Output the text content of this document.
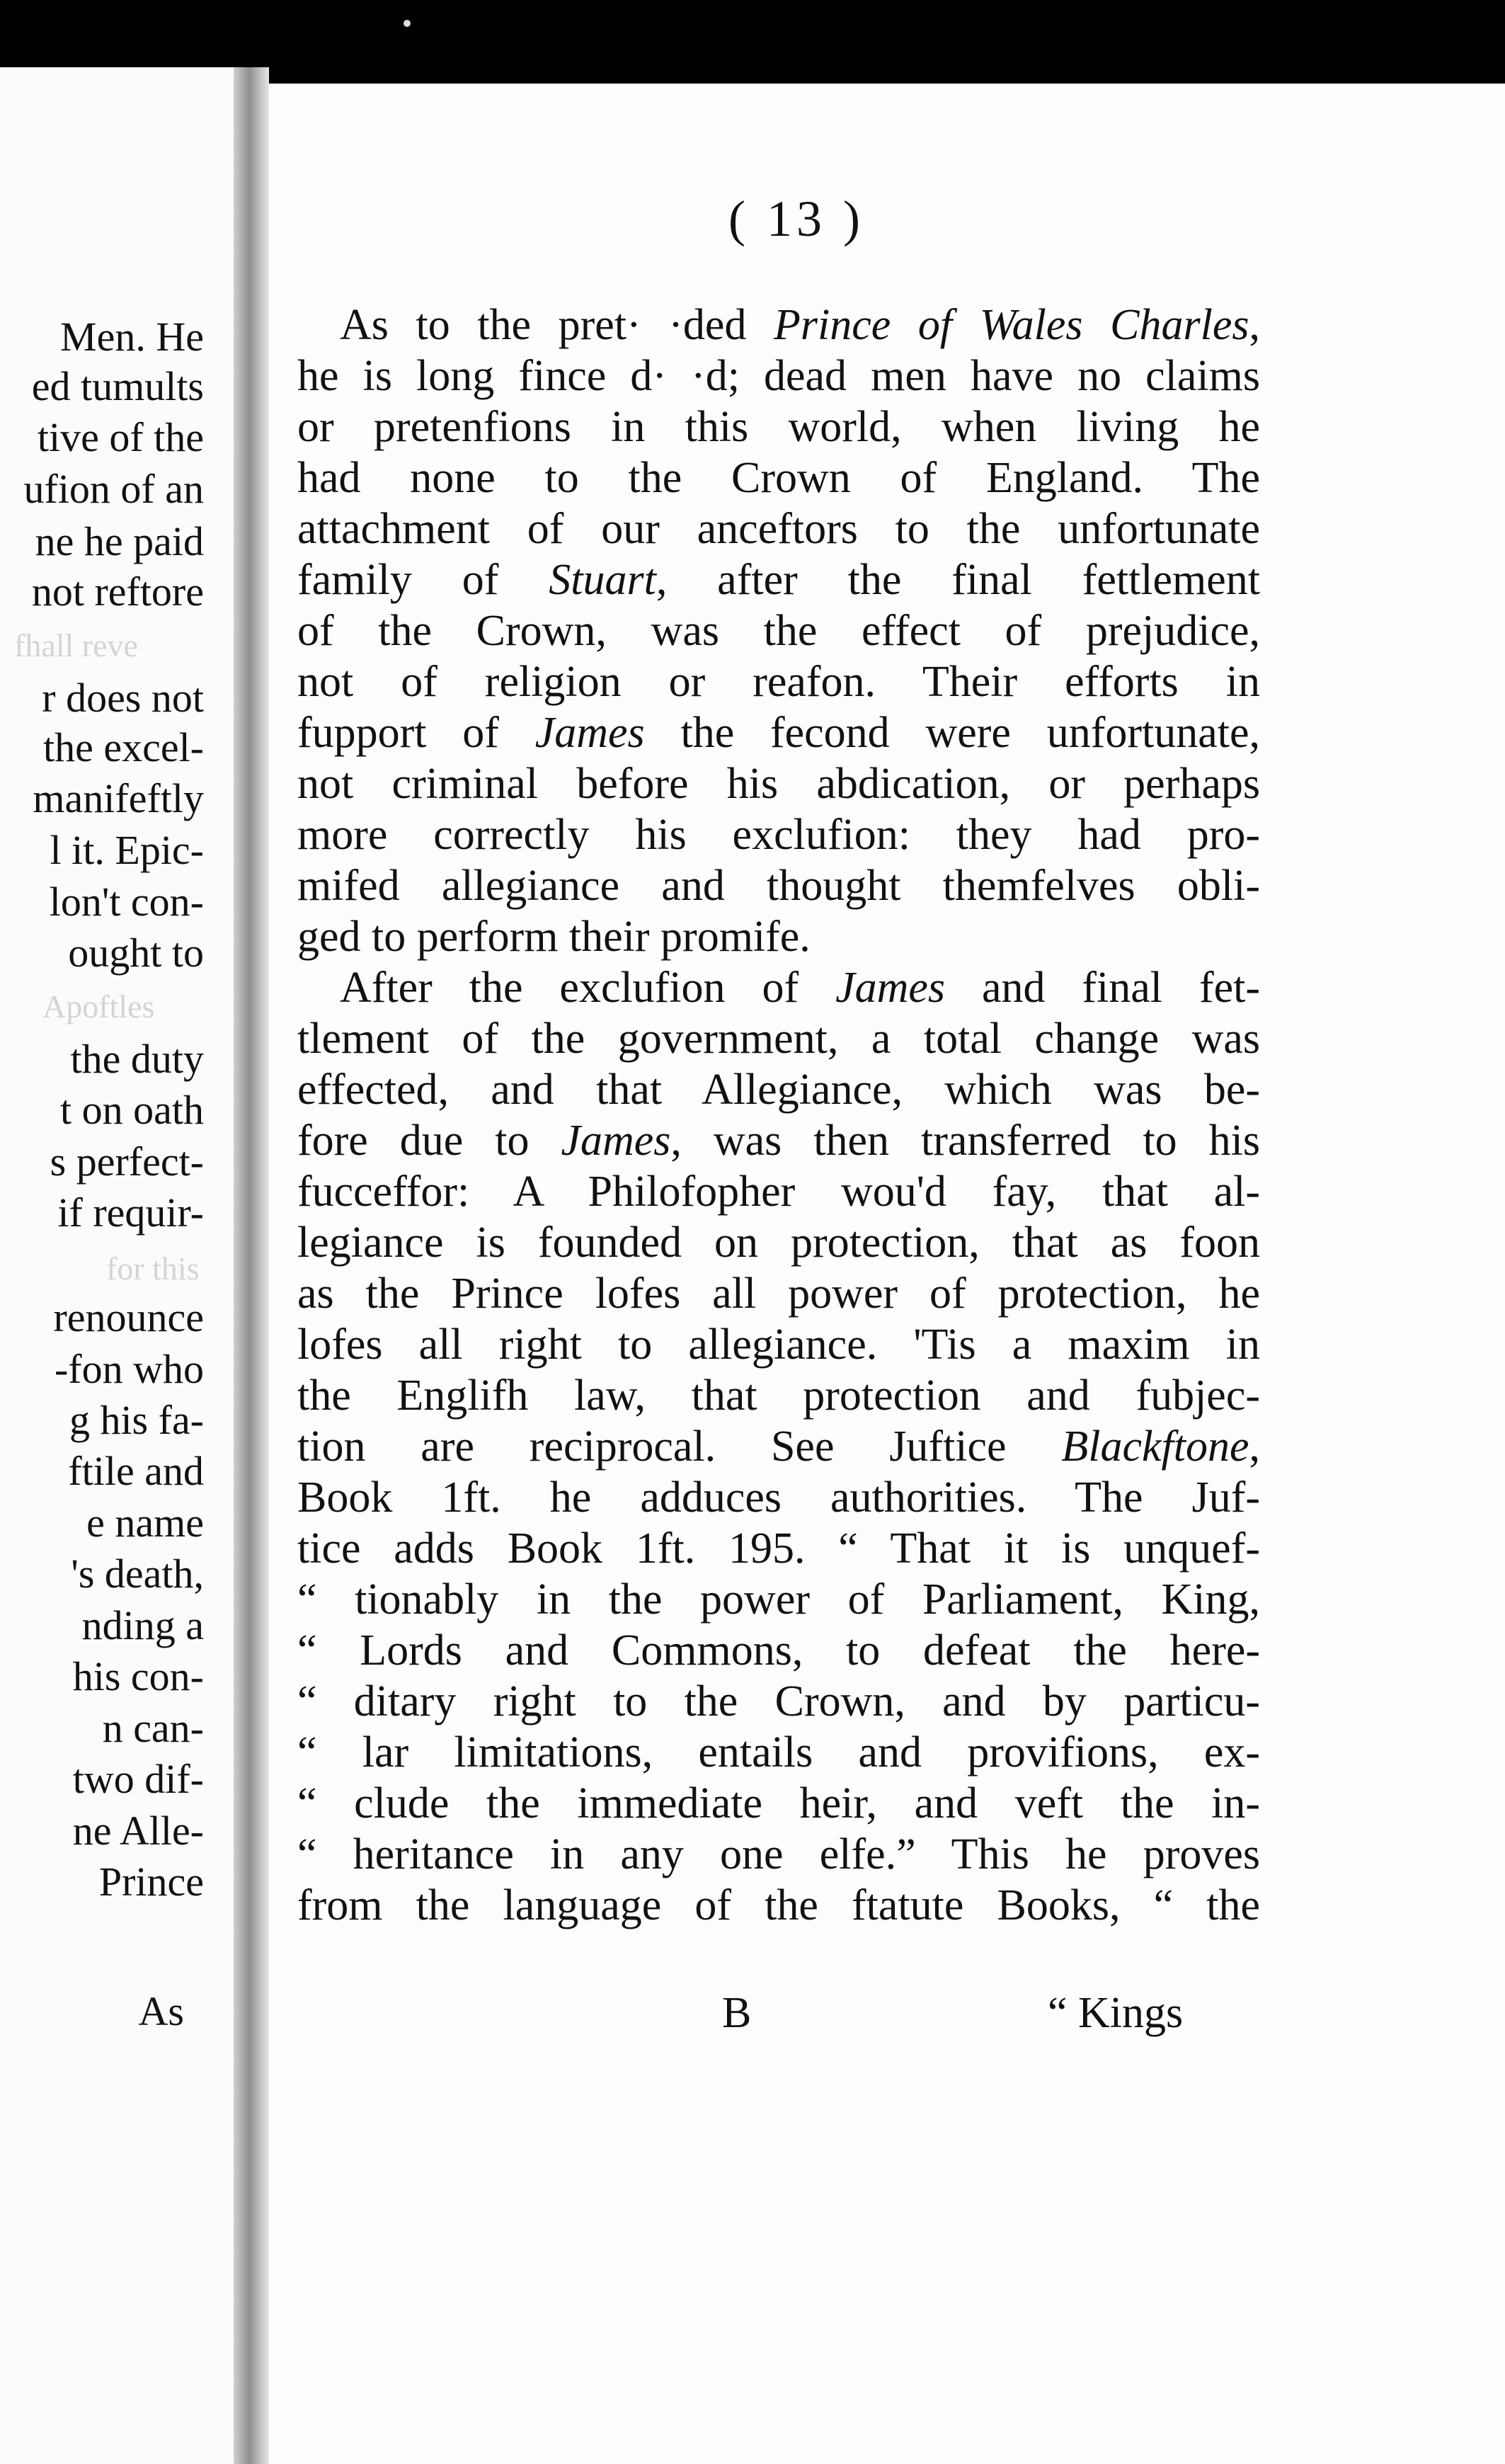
Men. He
ed tumults
tive of the
ufion of an
ne he paid
not reftore
fhall reve
r does not
the excel-
manifeftly
l it. Epic-
lon't con-
ought to
Apoftles
the duty
t on oath
s perfect-
if requir-
for this
renounce
-fon who
g his fa-
ftile and
e name
's death,
nding a
his con-
n can-
two dif-
ne Alle-
Prince
As
( 13 )
As to the pret· ·ded Prince of Wales Charles,
he is long fince d· ·d; dead men have no claims
or pretenfions in this world, when living he
had none to the Crown of England. The
attachment of our anceftors to the unfortunate
family of Stuart, after the final fettlement
of the Crown, was the effect of prejudice,
not of religion or reafon. Their efforts in
fupport of James the fecond were unfortunate,
not criminal before his abdication, or perhaps
more correctly his exclufion: they had pro-
mifed allegiance and thought themfelves obli-
ged to perform their promife.
After the exclufion of James and final fet-
tlement of the government, a total change was
effected, and that Allegiance, which was be-
fore due to James, was then transferred to his
fucceffor: A Philofopher wou'd fay, that al-
legiance is founded on protection, that as foon
as the Prince lofes all power of protection, he
lofes all right to allegiance. 'Tis a maxim in
the Englifh law, that protection and fubjec-
tion are reciprocal. See Juftice Blackftone,
Book 1ft. he adduces authorities. The Juf-
tice adds Book 1ft. 195. “ That it is unquef-
“ tionably in the power of Parliament, King,
“ Lords and Commons, to defeat the here-
“ ditary right to the Crown, and by particu-
“ lar limitations, entails and provifions, ex-
“ clude the immediate heir, and veft the in-
“ heritance in any one elfe.” This he proves
from the language of the ftatute Books, “ the
B	“ Kings
